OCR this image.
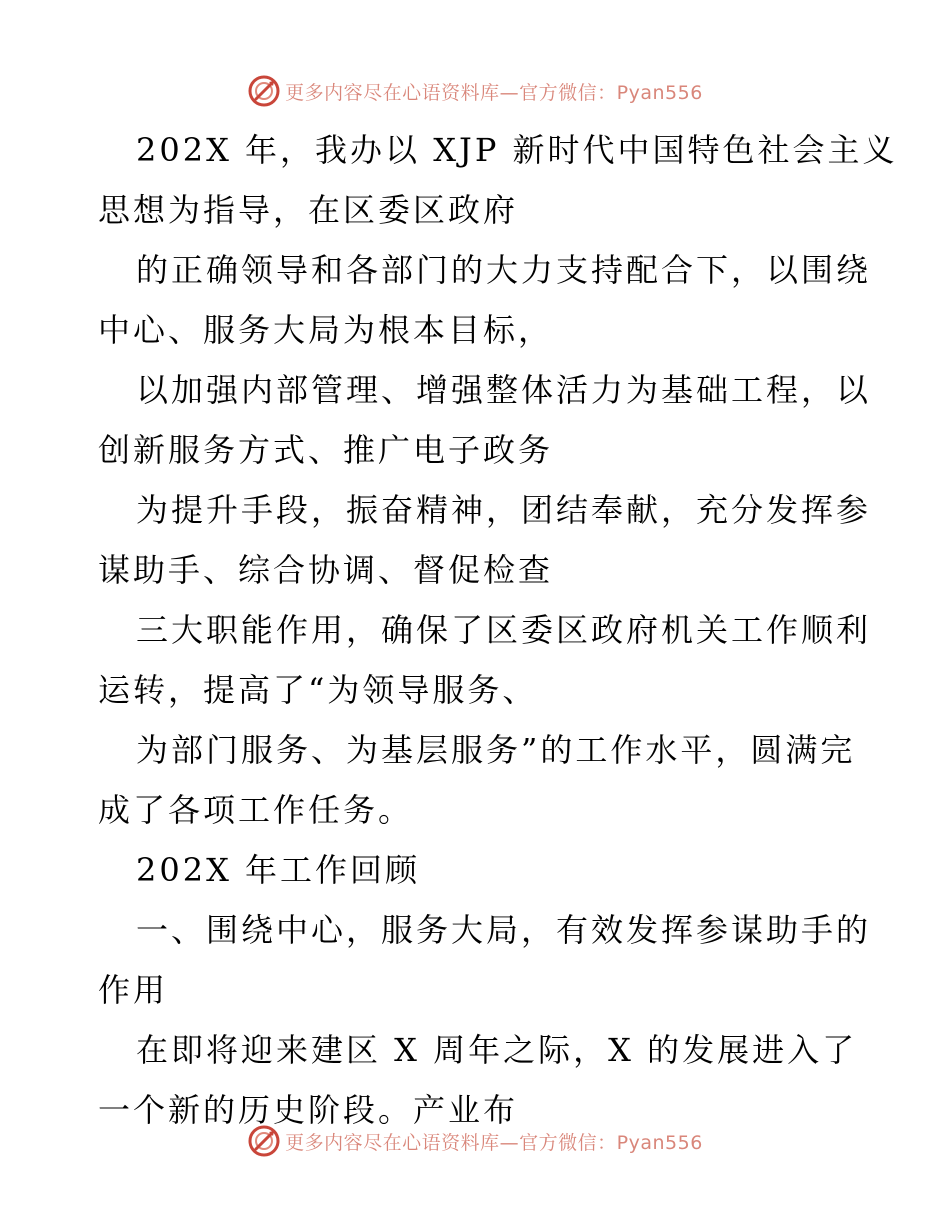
更多内容尽在心语资料库—官方微信：Pyan556
202X 年，我办以 XJP 新时代中国特色社会主义
思想为指导，在区委区政府
的正确领导和各部门的大力支持配合下，以围绕
中心、服务大局为根本目标，
以加强内部管理、增强整体活力为基础工程，以
创新服务方式、推广电子政务
为提升手段，振奋精神，团结奉献，充分发挥参
谋助手、综合协调、督促检查
三大职能作用，确保了区委区政府机关工作顺利
运转，提高了“为领导服务、
为部门服务、为基层服务”的工作水平，圆满完
成了各项工作任务。
202X 年工作回顾
一、围绕中心，服务大局，有效发挥参谋助手的
作用
在即将迎来建区 X 周年之际，X 的发展进入了
一个新的历史阶段。产业布
更多内容尽在心语资料库—官方微信：Pyan556
